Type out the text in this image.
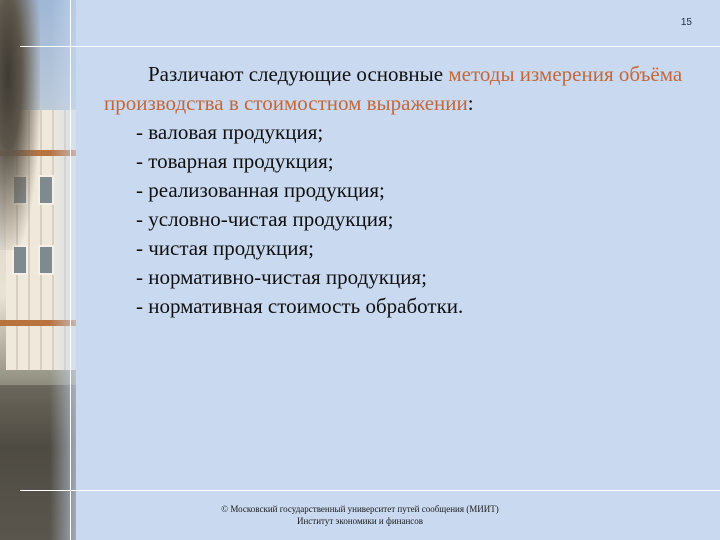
15

Различают следующие основные методы измерения объёма производства в стоимостном выражении:

- валовая продукция;
- товарная продукция;
- реализованная продукция;
- условно-чистая продукция;
- чистая продукция;
- нормативно-чистая продукция;
- нормативная стоимость обработки.
© Московский государственный университет путей сообщения (МИИТ)
Институт экономики и финансов
